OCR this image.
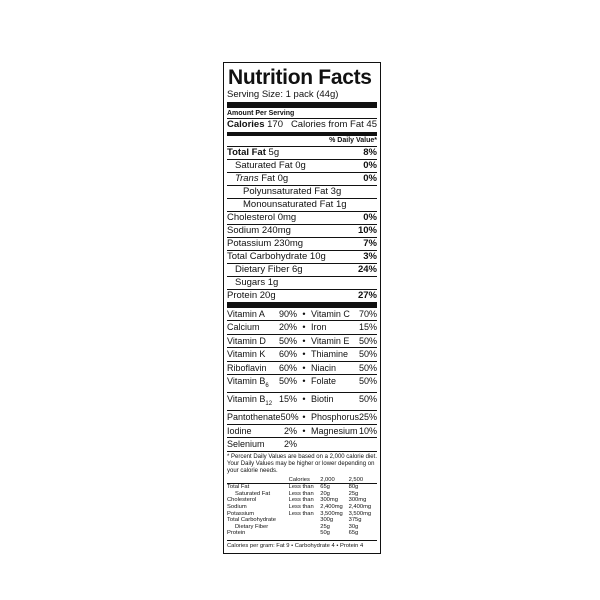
Nutrition Facts
Serving Size: 1 pack (44g)
Amount Per Serving
Calories 170 Calories from Fat 45
% Daily Value*
Total Fat 5g	8%
Saturated Fat 0g	0%
Trans Fat 0g	0%
Polyunsaturated Fat 3g
Monounsaturated Fat 1g
Cholesterol 0mg	0%
Sodium 240mg	10%
Potassium 230mg	7%
Total Carbohydrate 10g	3%
Dietary Fiber 6g	24%
Sugars 1g
Protein 20g	27%
Vitamin A 90% • Vitamin C 70%
Calcium 20% • Iron	15%
Vitamin D 50% • Vitamin E 50%
Vitamin K 60% • Thiamine 50%
Riboflavin 60% • Niacin	50%
Vitamin $B_6$ 50% • Folate	50%
Vitamin $B_{12}$ 15% • Biotin	50%
Pantothenate 50% • Phosphorus 25%
Iodine	2% • Magnesium 10%
Selenium 2%

* Percent Daily Values are based on a 2,000 calorie diet. Your Daily Values may be higher or lower depending on your calorie needs.

	Calories	2,000	2,500
Total Fat	Less than	65g	80g
Saturated Fat	Less than	20g	25g
Cholesterol	Less than	300mg	300mg
Sodium	Less than	2,400mg	2,400mg
Potassium	Less than	3,500mg	3,500mg
Total Carbohydrate		300g	375g
Dietary Fiber		25g	30g
Protein		50g	65g
Calories per gram: Fat 9 • Carbohydrate 4 • Protein 4
